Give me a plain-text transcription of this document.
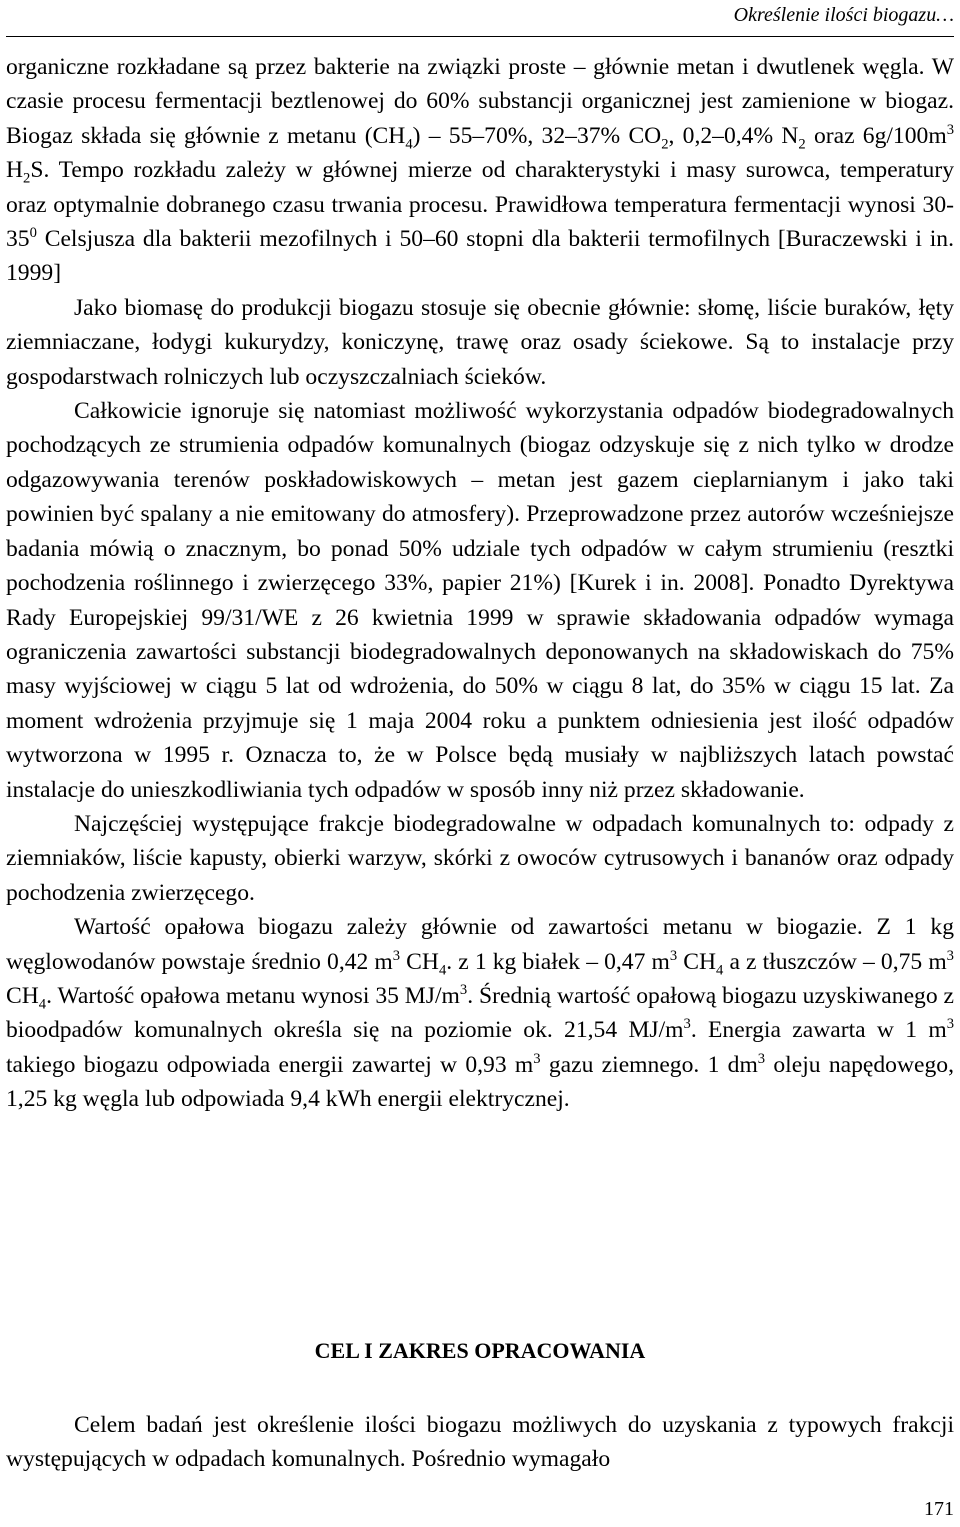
Określenie ilości biogazu…

organiczne rozkładane są przez bakterie na związki proste – głównie metan i dwutlenek węgla. W czasie procesu fermentacji beztlenowej do 60% substancji organicznej jest zamienione w biogaz. Biogaz składa się głównie z metanu $(CH_4) - 55-70\%$, 32–37% $CO_2$, 0,2–0,4% $N_2$ oraz $6g/100m^3$ $H_2S$. Tempo rozkładu zależy w głównej mierze od charakterystyki i masy surowca, temperatury oraz optymalnie dobranego czasu trwania procesu. Prawidłowa temperatura fermentacji wynosi $30-35^0$ Celsjusza dla bakterii mezofilnych i 50–60 stopni dla bakterii termofilnych [Buraczewski i in. 1999]

Jako biomasę do produkcji biogazu stosuje się obecnie głównie: słomę, liście buraków, łęty ziemniaczane, łodygi kukurydzy, koniczynę, trawę oraz osady ściekowe. Są to instalacje przy gospodarstwach rolniczych lub oczyszczalniach ścieków.

Całkowicie ignoruje się natomiast możliwość wykorzystania odpadów biodegradowalnych pochodzących ze strumienia odpadów komunalnych (biogaz odzyskuje się z nich tylko w drodze odgazowywania terenów poskładowiskowych – metan jest gazem cieplarnianym i jako taki powinien być spalany a nie emitowany do atmosfery). Przeprowadzone przez autorów wcześniejsze badania mówią o znacznym, bo ponad 50% udziale tych odpadów w całym strumieniu (resztki pochodzenia roślinnego i zwierzęcego 33%, papier 21%) [Kurek i in. 2008]. Ponadto Dyrektywa Rady Europejskiej 99/31/WE z 26 kwietnia 1999 w sprawie składowania odpadów wymaga ograniczenia zawartości substancji biodegradowalnych deponowanych na składowiskach do 75% masy wyjściowej w ciągu 5 lat od wdrożenia, do 50% w ciągu 8 lat, do 35% w ciągu 15 lat. Za moment wdrożenia przyjmuje się 1 maja 2004 roku a punktem odniesienia jest ilość odpadów wytworzona w 1995 r. Oznacza to, że w Polsce będą musiały w najbliższych latach powstać instalacje do unieszkodliwiania tych odpadów w sposób inny niż przez składowanie.

Najczęściej występujące frakcje biodegradowalne w odpadach komunalnych to: odpady z ziemniaków, liście kapusty, obierki warzyw, skórki z owoców cytrusowych i bananów oraz odpady pochodzenia zwierzęcego.

Wartość opałowa biogazu zależy głównie od zawartości metanu w biogazie. Z 1 kg węglowodanów powstaje średnio 0,42 $m^3$ $CH_4$. z 1 kg białek – 0,47 $m^3$ $CH_4$ a z tłuszczów – 0,75 $m^3$ $CH_4$. Wartość opałowa metanu wynosi 35 $MJ/m^3$. Średnią wartość opałową biogazu uzyskiwanego z bioodpadów komunalnych określa się na poziomie ok. 21,54 $MJ/m^3$. Energia zawarta w 1 $m^3$ takiego biogazu odpowiada energii zawartej w 0,93 $m^3$ gazu ziemnego. 1 $dm^3$ oleju napędowego, 1,25 kg węgla lub odpowiada 9,4 kWh energii elektrycznej.

CEL I ZAKRES OPRACOWANIA

Celem badań jest określenie ilości biogazu możliwych do uzyskania z typowych frakcji występujących w odpadach komunalnych. Pośrednio wymagało

171
